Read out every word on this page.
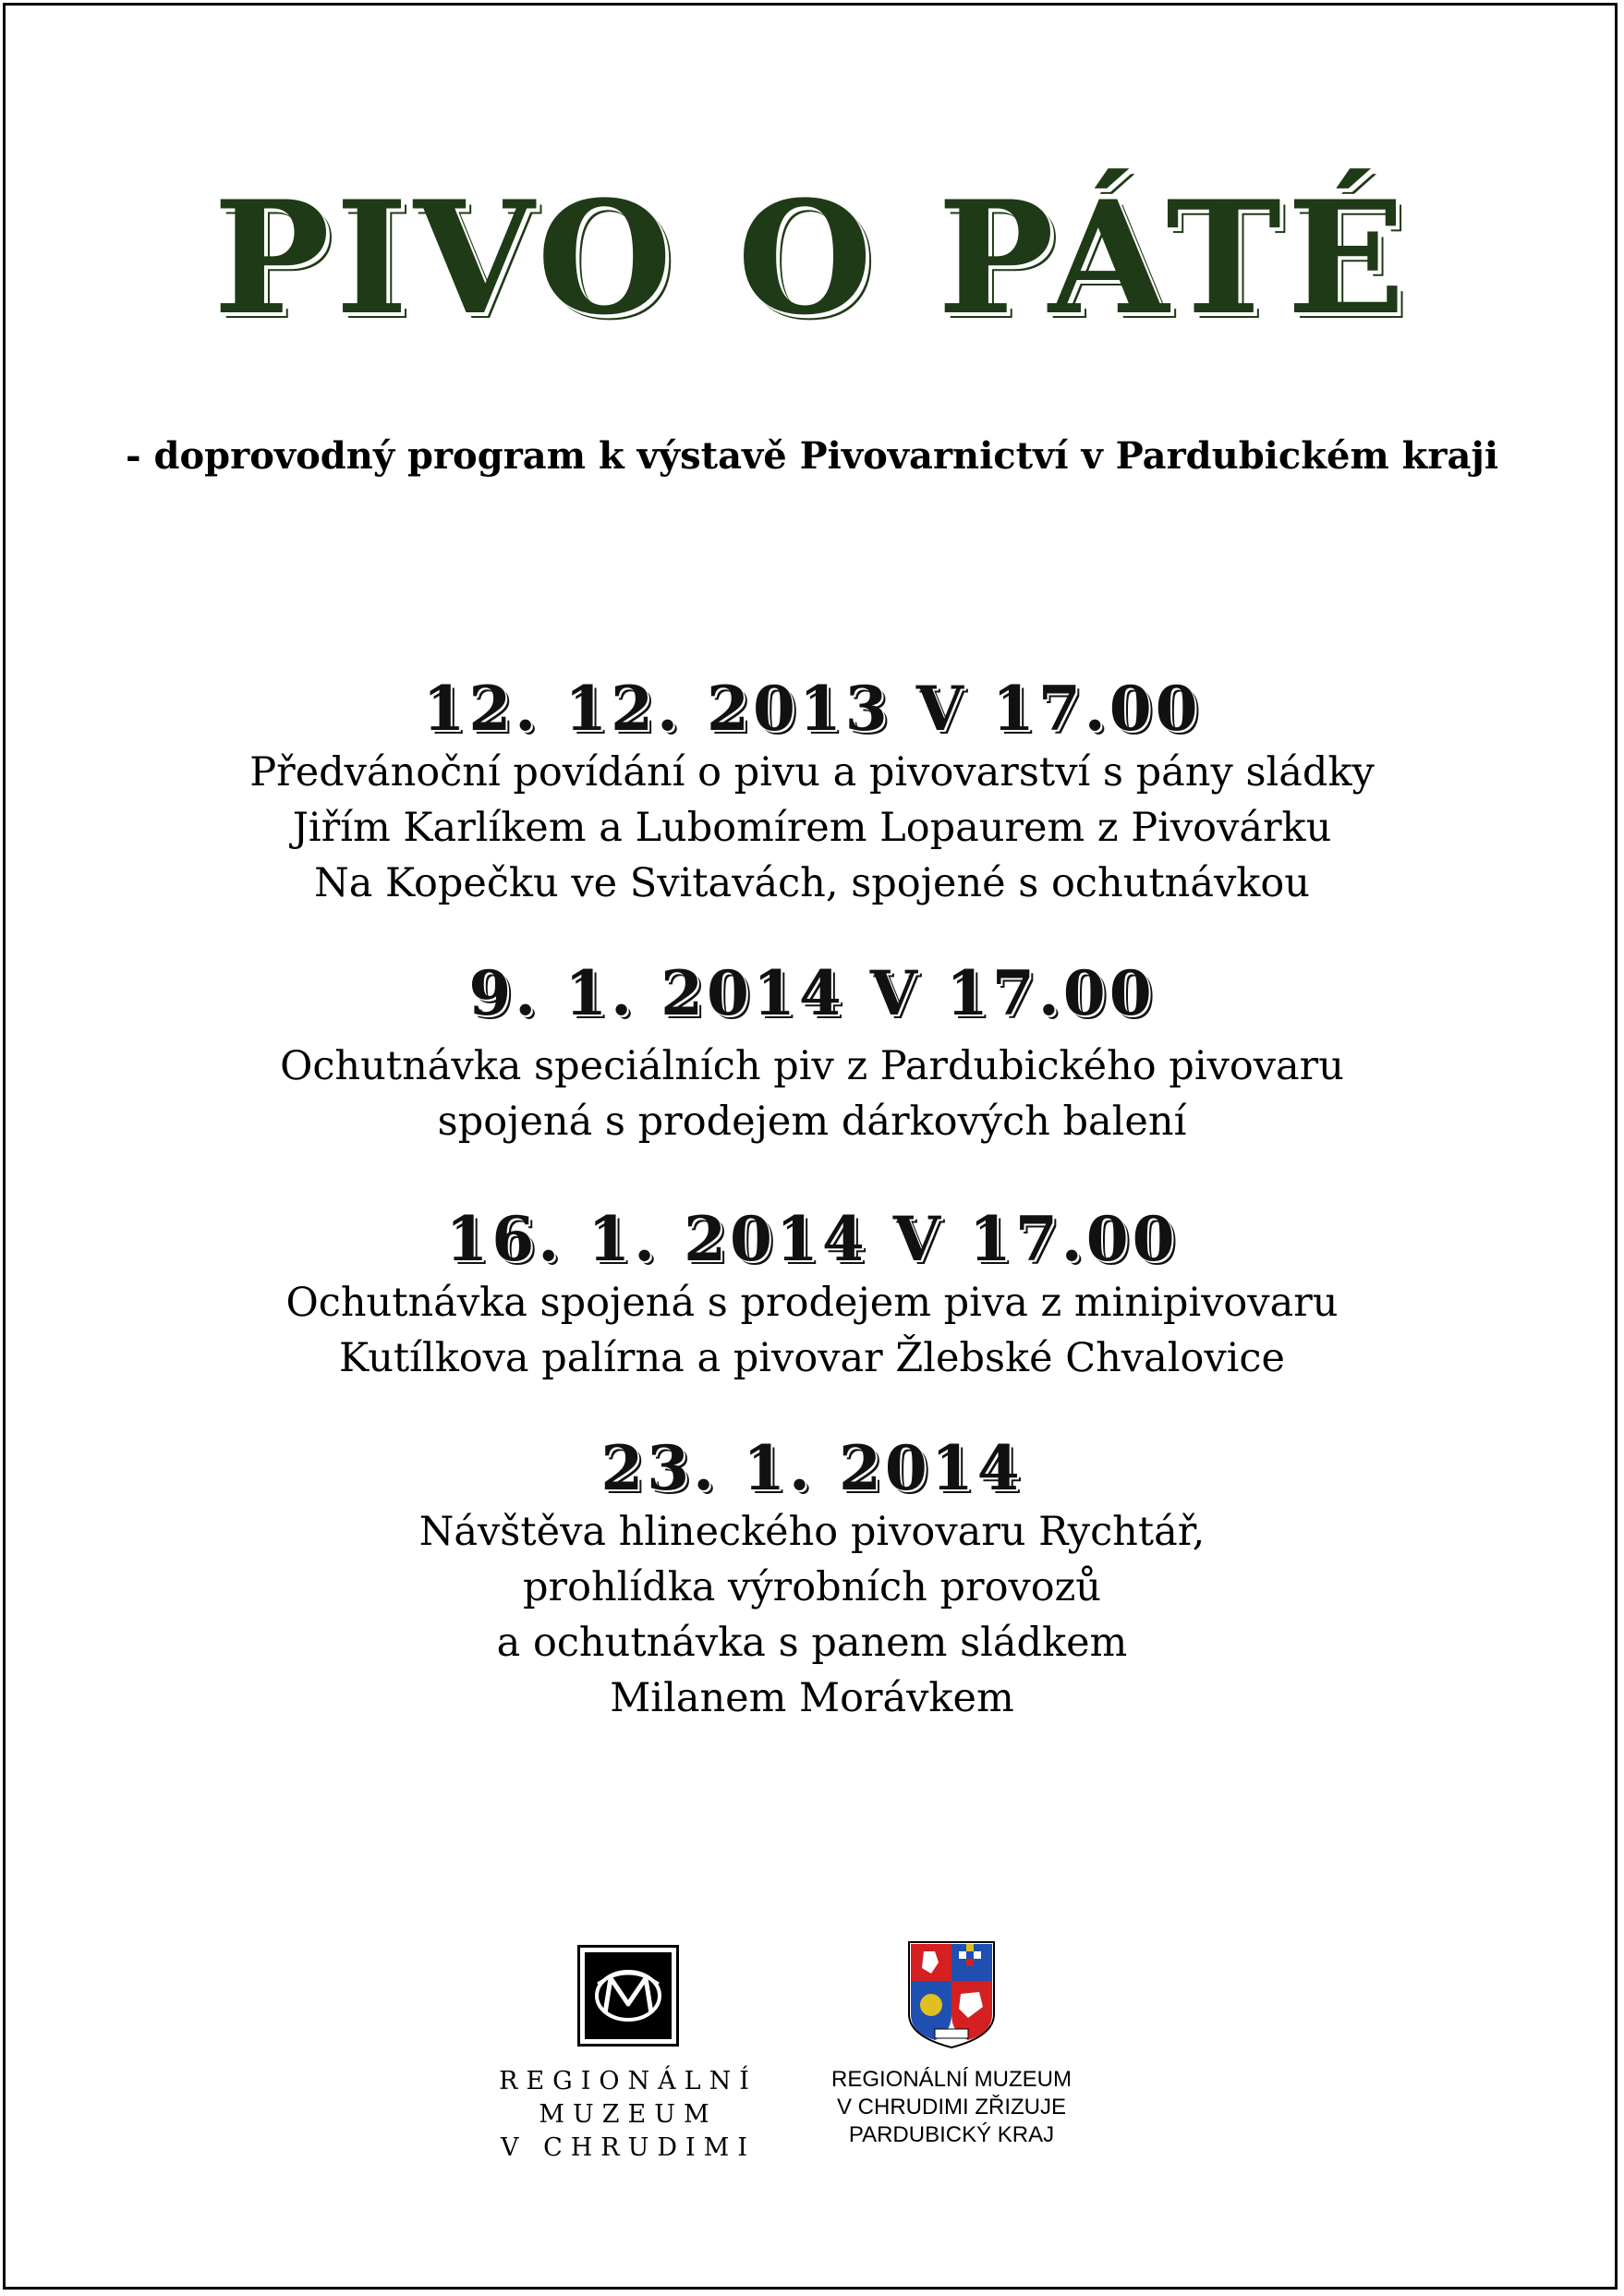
PIVO O PÁTÉ
- doprovodný program k výstavě Pivovarnictví v Pardubickém kraji
12. 12. 2013 V 17.00
Předvánoční povídání o pivu a pivovarství s pány sládky
Jiřím Karlíkem a Lubomírem Lopaurem z Pivovárku
Na Kopečku ve Svitavách, spojené s ochutnávkou
9. 1. 2014 V 17.00
Ochutnávka speciálních piv z Pardubického pivovaru
spojená s prodejem dárkových balení
16. 1. 2014 V 17.00
Ochutnávka spojená s prodejem piva z minipivovaru
Kutílkova palírna a pivovar Žlebské Chvalovice
23. 1. 2014
Návštěva hlineckého pivovaru Rychtář,
prohlídka výrobních provozů
a ochutnávka s panem sládkem
Milanem Morávkem
REGIONÁLNÍ
MUZEUM
V CHRUDIMI
REGIONÁLNÍ MUZEUM
V CHRUDIMI ZŘIZUJE
PARDUBICKÝ KRAJ
